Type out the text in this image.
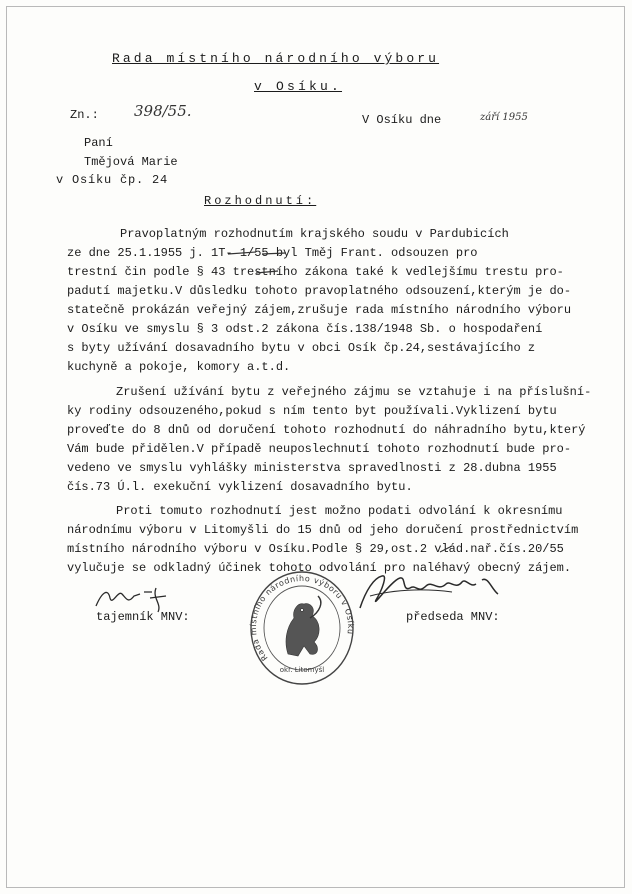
Rada místního národního výboru
v Osíku.
Zn.: 398/55.	V Osíku dne	září 1955
Paní
Tmějová Marie
v Osíku čp. 24
Rozhodnutí:
Pravoplatným rozhodnutím krajského soudu v Pardubicích
ze dne 25.1.1955 j. 1T- 1/55 byl Tměj Frant. odsouzen pro
trestní čin podle § 43 trestního zákona také k vedlejšímu trestu pro-
padutí majetku.V důsledku tohoto pravoplatného odsouzení,kterým je do-
statečně prokázán veřejný zájem,zrušuje rada místního národního výboru
v Osíku ve smyslu § 3 odst.2 zákona čís.138/1948 Sb. o hospodaření
s byty užívání dosavadního bytu v obci Osík čp.24,sestávajícího z
kuchyně a pokoje, komory a.t.d.
Zrušení užívání bytu z veřejného zájmu se vztahuje i na příslušní-
ky rodiny odsouzeného,pokud s ním tento byt používali.Vyklizení bytu
proveďte do 8 dnů od doručení tohoto rozhodnutí do náhradního bytu,který
Vám bude přidělen.V případě neuposlechnutí tohoto rozhodnutí bude pro-
vedeno ve smyslu vyhlášky ministerstva spravedlnosti z 28.dubna 1955
čís.73 Ú.l. exekuční vyklizení dosavadního bytu.
Proti tomuto rozhodnutí jest možno podati odvolání k okresnímu
národnímu výboru v Litomyšli do 15 dnů od jeho doručení prostřednictvím
místního národního výboru v Osíku.Podle § 29,ost.2 vlád.nař.čís.20/55
vylučuje se odkladný účinek tohoto odvolání pro naléhavý obecný zájem.
tajemník MNV:	předseda MNV:
Rada místního národního výboru v Osíku
okr. Litomyšl
